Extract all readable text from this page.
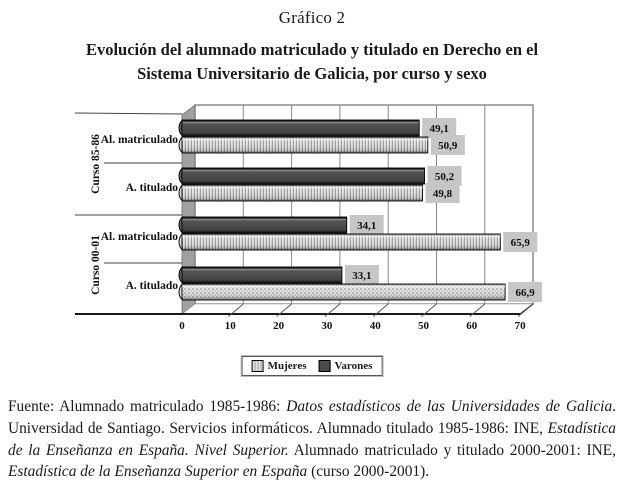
Gráfico 2
Evolución del alumnado matriculado y titulado en Derecho en el
Sistema Universitario de Galicia, por curso y sexo
49,1
50,9
50,2
49,8
34,1
65,9
33,1
66,9
Al. matriculado
A. titulado
Al. matriculado
A. titulado
Curso 85-86
Curso 00-01
0	10	20	30	40	50	60	70
Mujeres	Varones

Fuente: Alumnado matriculado 1985-1986: Datos estadísticos de las Universidades de Galicia. Universidad de Santiago. Servicios informáticos. Alumnado titulado 1985-1986: INE, Estadística de la Enseñanza en España. Nivel Superior. Alumnado matriculado y titulado 2000-2001: INE, Estadística de la Enseñanza Superior en España (curso 2000-2001).
